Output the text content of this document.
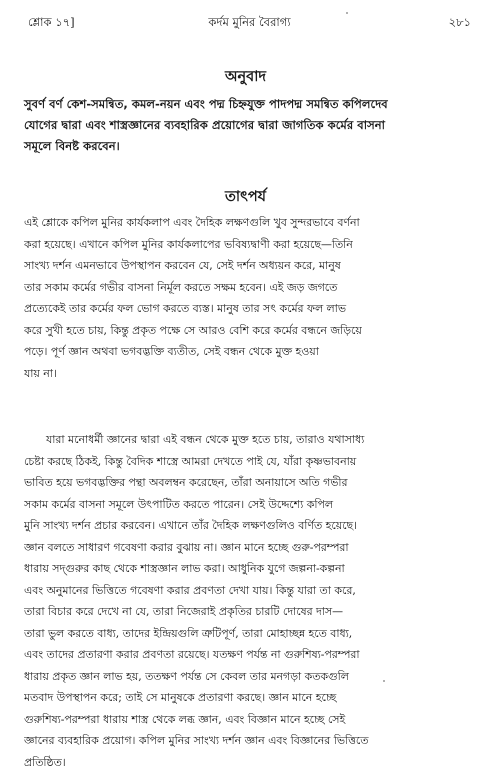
শ্লোক ১৭]	কর্দম মুনির বৈরাগ্য	২৮১
অনুবাদ
সুবর্ণ বর্ণ কেশ-সমন্বিত, কমল-নয়ন এবং পদ্ম চিহ্নযুক্ত পাদপদ্ম সমন্বিত কপিলদেব
যোগের দ্বারা এবং শাস্ত্রজ্ঞানের ব্যবহারিক প্রয়োগের দ্বারা জাগতিক কর্মের বাসনা
সমূলে বিনষ্ট করবেন।
তাৎপর্য
এই শ্লোকে কপিল মুনির কার্যকলাপ এবং দৈহিক লক্ষণগুলি খুব সুন্দরভাবে বর্ণনা
করা হয়েছে। এখানে কপিল মুনির কার্যকলাপের ভবিষ্যদ্বাণী করা হয়েছে—তিনি
সাংখ্য দর্শন এমনভাবে উপস্থাপন করবেন যে, সেই দর্শন অধ্যয়ন করে, মানুষ
তার সকাম কর্মের গভীর বাসনা নির্মূল করতে সক্ষম হবেন। এই জড় জগতে
প্রত্যেকেই তার কর্মের ফল ভোগ করতে ব্যস্ত। মানুষ তার সৎ কর্মের ফল লাভ
করে সুখী হতে চায়, কিন্তু প্রকৃত পক্ষে সে আরও বেশি করে কর্মের বন্ধনে জড়িয়ে
পড়ে। পূর্ণ জ্ঞান অথবা ভগবদ্ভক্তি ব্যতীত, সেই বন্ধন থেকে মুক্ত হওয়া
যায় না।
যারা মনোধর্মী জ্ঞানের দ্বারা এই বন্ধন থেকে মুক্ত হতে চায়, তারাও যথাসাধ্য
চেষ্টা করছে ঠিকই, কিন্তু বৈদিক শাস্ত্রে আমরা দেখতে পাই যে, যাঁরা কৃষ্ণভাবনায়
ভাবিত হয়ে ভগবদ্ভক্তির পন্থা অবলম্বন করেছেন, তাঁরা অনায়াসে অতি গভীর
সকাম কর্মের বাসনা সমূলে উৎপাটিত করতে পারেন। সেই উদ্দেশ্যে কপিল
মুনি সাংখ্য দর্শন প্রচার করবেন। এখানে তাঁর দৈহিক লক্ষণগুলিও বর্ণিত হয়েছে।
জ্ঞান বলতে সাধারণ গবেষণা করার বুঝায় না। জ্ঞান মানে হচ্ছে গুরু-পরম্পরা
ধারায় সদ্গুরুর কাছ থেকে শাস্ত্রজ্ঞান লাভ করা। আধুনিক যুগে জল্পনা-কল্পনা
এবং অনুমানের ভিত্তিতে গবেষণা করার প্রবণতা দেখা যায়। কিন্তু যারা তা করে,
তারা বিচার করে দেখে না যে, তারা নিজেরাই প্রকৃতির চারটি দোষের দাস—
তারা ভুল করতে বাধ্য, তাদের ইন্দ্রিয়গুলি ত্রুটিপূর্ণ, তারা মোহাচ্ছন্ন হতে বাধ্য,
এবং তাদের প্রতারণা করার প্রবণতা রয়েছে। যতক্ষণ পর্যন্ত না গুরুশিষ্য-পরম্পরা
ধারায় প্রকৃত জ্ঞান লাভ হয়, ততক্ষণ পর্যন্ত সে কেবল তার মনগড়া কতকগুলি
মতবাদ উপস্থাপন করে; তাই সে মানুষকে প্রতারণা করছে। জ্ঞান মানে হচ্ছে
গুরুশিষ্য-পরম্পরা ধারায় শাস্ত্র থেকে লব্ধ জ্ঞান, এবং বিজ্ঞান মানে হচ্ছে সেই
জ্ঞানের ব্যবহারিক প্রয়োগ। কপিল মুনির সাংখ্য দর্শন জ্ঞান এবং বিজ্ঞানের ভিত্তিতে
প্রতিষ্ঠিত।
